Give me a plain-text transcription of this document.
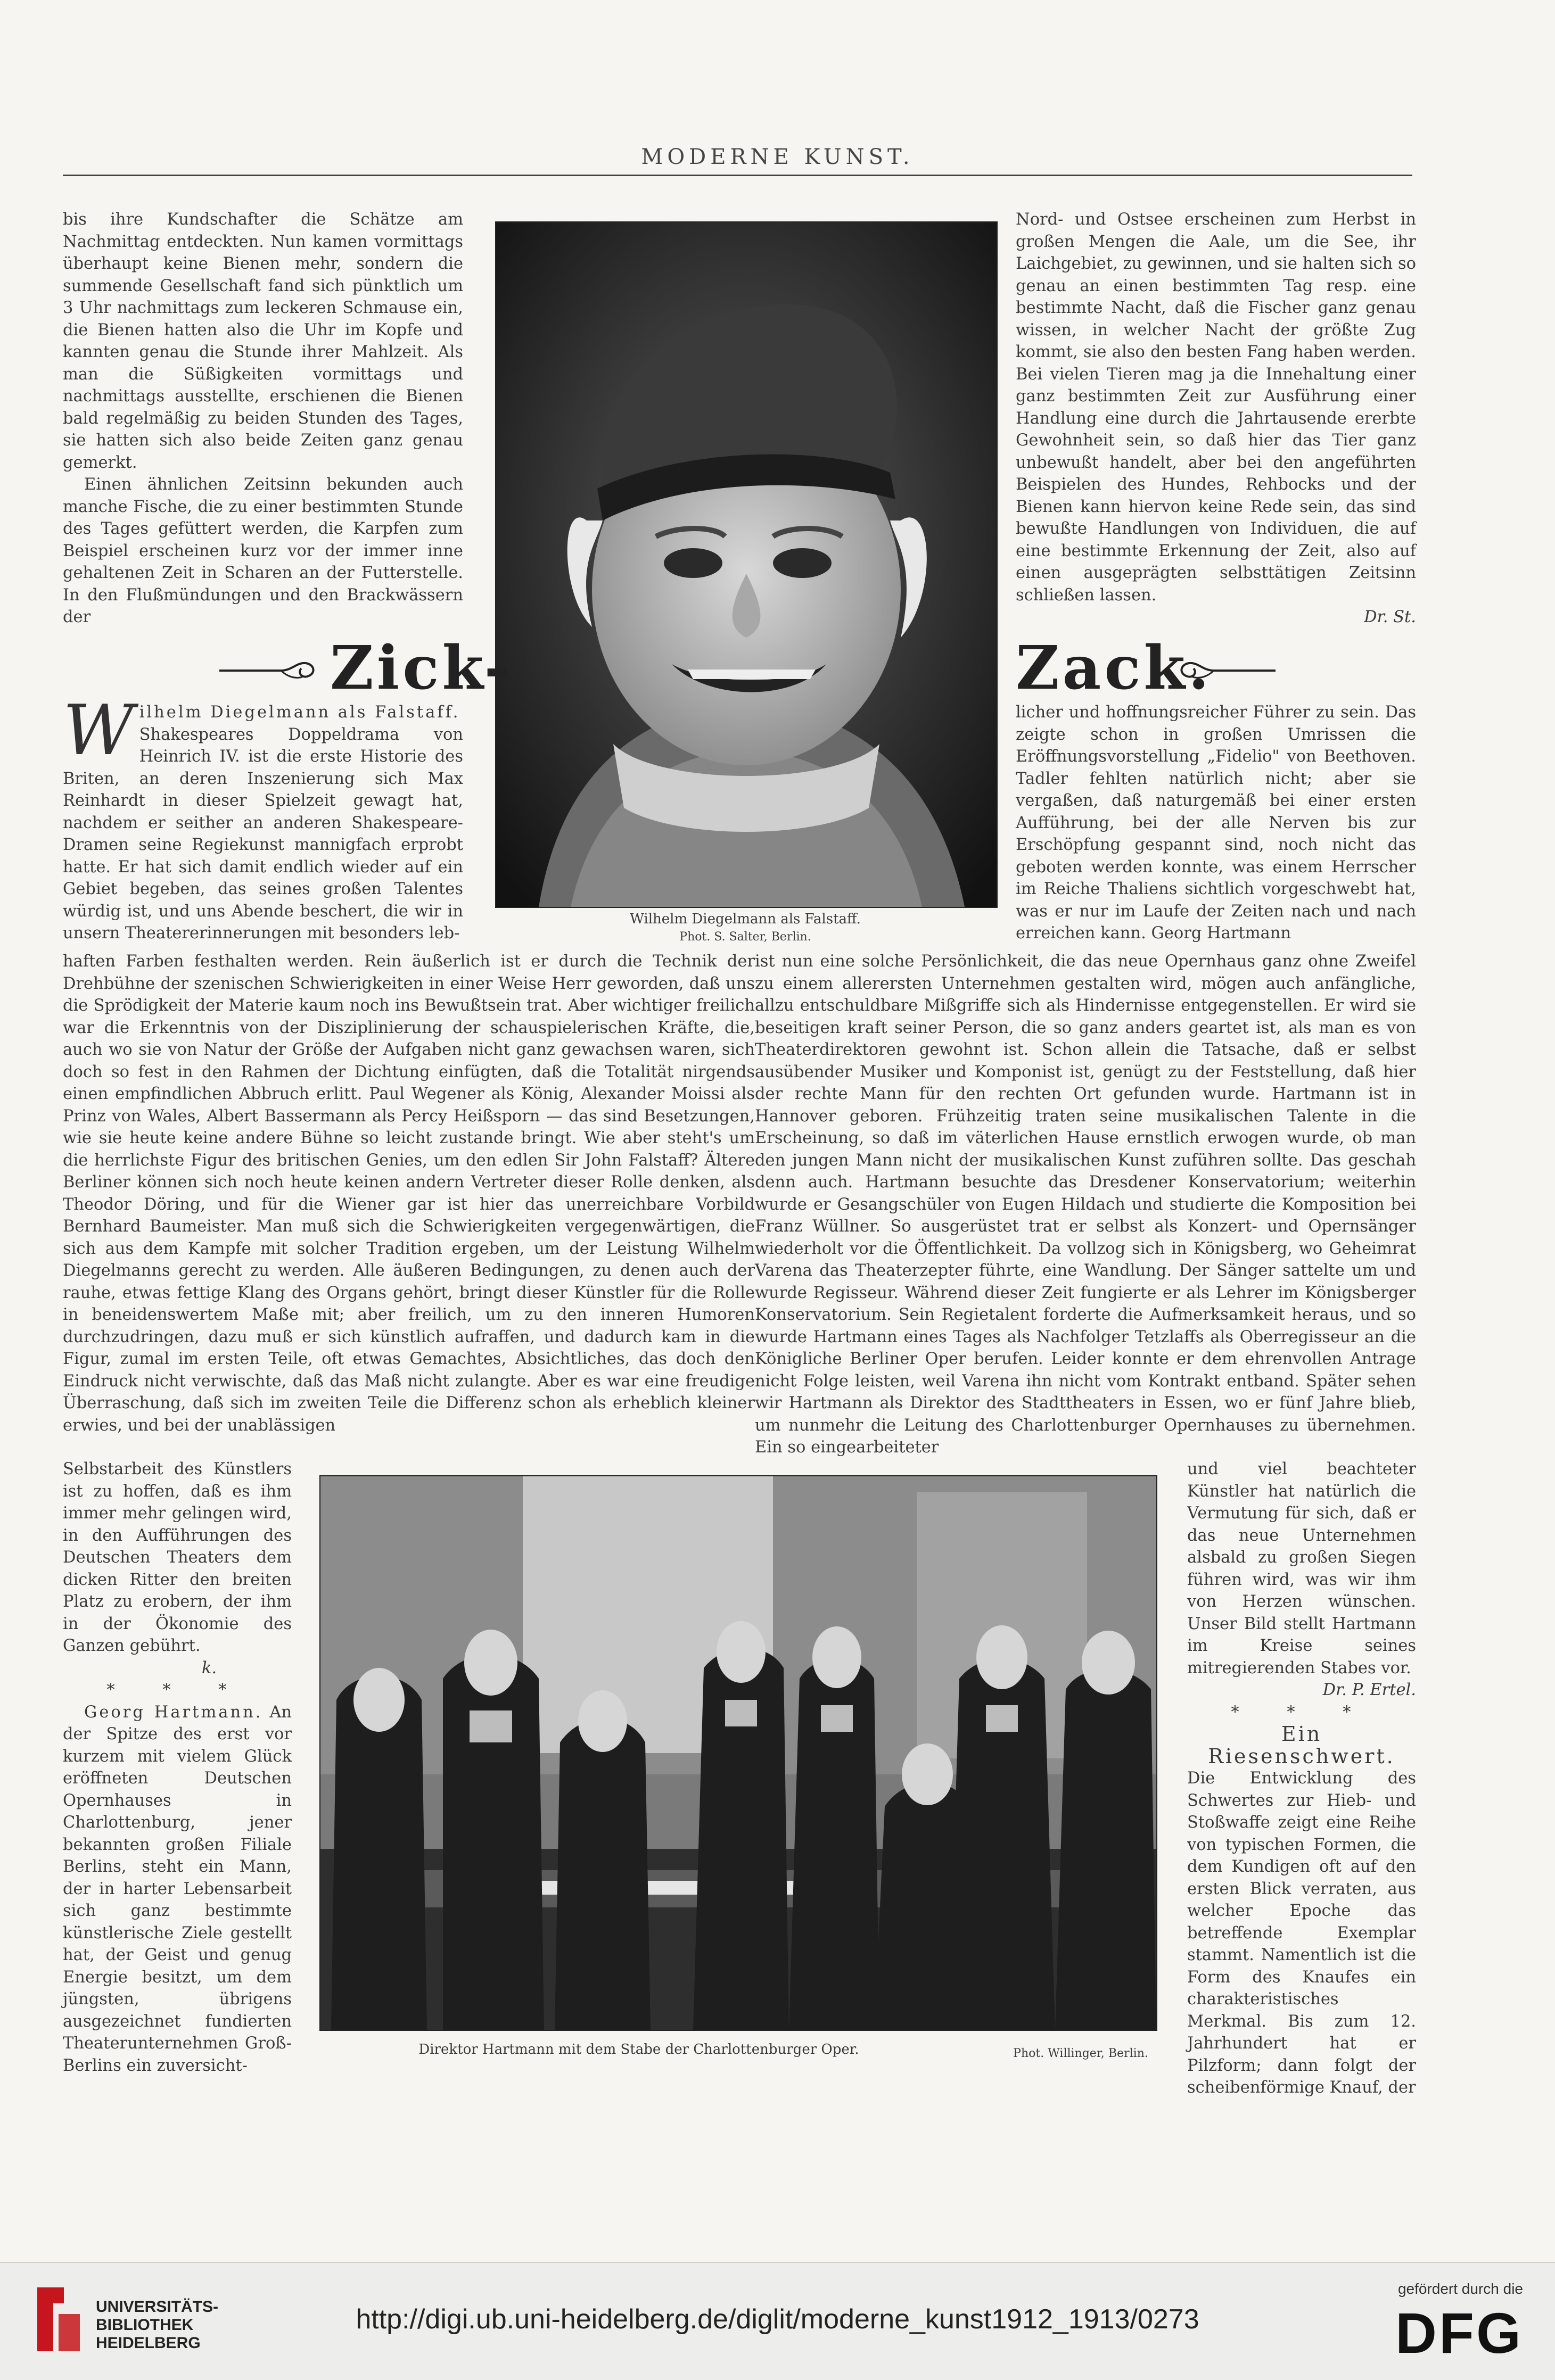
MODERNE KUNST.

bis ihre Kundschafter die Schätze am Nachmittag entdeckten. Nun kamen vormittags überhaupt keine Bienen mehr, sondern die summende Gesellschaft fand sich pünktlich um 3 Uhr nachmittags zum leckeren Schmause ein, die Bienen hatten also die Uhr im Kopfe und kannten genau die Stunde ihrer Mahlzeit. Als man die Süßigkeiten vormittags und nachmittags ausstellte, erschienen die Bienen bald regelmäßig zu beiden Stunden des Tages, sie hatten sich also beide Zeiten ganz genau gemerkt.

Einen ähnlichen Zeitsinn bekunden auch manche Fische, die zu einer bestimmten Stunde des Tages gefüttert werden, die Karpfen zum Beispiel erscheinen kurz vor der immer inne gehaltenen Zeit in Scharen an der Futterstelle. In den Flußmündungen und den Brackwässern der

Nord- und Ostsee erscheinen zum Herbst in großen Mengen die Aale, um die See, ihr Laichgebiet, zu gewinnen, und sie halten sich so genau an einen bestimmten Tag resp. eine bestimmte Nacht, daß die Fischer ganz genau wissen, in welcher Nacht der größte Zug kommt, sie also den besten Fang haben werden. Bei vielen Tieren mag ja die Innehaltung einer ganz bestimmten Zeit zur Ausführung einer Handlung eine durch die Jahrtausende ererbte Gewohnheit sein, so daß hier das Tier ganz unbewußt handelt, aber bei den angeführten Beispielen des Hundes, Rehbocks und der Bienen kann hiervon keine Rede sein, das sind bewußte Handlungen von Individuen, die auf eine bestimmte Erkennung der Zeit, also auf einen ausgeprägten selbsttätigen Zeitsinn schließen lassen.

Dr. St.

Wilhelm Diegelmann als Falstaff.
Phot. S. Salter, Berlin.
Zick-	Zack.
W ilhelm Diegelmann als Falstaff.

Shakespeares Doppeldrama von Heinrich IV. ist die erste Historie des Briten, an deren Inszenierung sich Max Reinhardt in dieser Spielzeit gewagt hat, nachdem er seither an anderen Shakespeare-Dramen seine Regiekunst mannigfach erprobt hatte. Er hat sich damit endlich wieder auf ein Gebiet begeben, das seines großen Talentes würdig ist, und uns Abende beschert, die wir in unsern Theatererinnerungen mit besonders leb-

haften Farben festhalten werden. Rein äußerlich ist er durch die Technik der Drehbühne der szenischen Schwierigkeiten in einer Weise Herr geworden, daß uns die Sprödigkeit der Materie kaum noch ins Bewußtsein trat. Aber wichtiger freilich war die Erkenntnis von der Disziplinierung der schauspielerischen Kräfte, die, auch wo sie von Natur der Größe der Aufgaben nicht ganz gewachsen waren, sich doch so fest in den Rahmen der Dichtung einfügten, daß die Totalität nirgends einen empfindlichen Abbruch erlitt. Paul Wegener als König, Alexander Moissi als Prinz von Wales, Albert Bassermann als Percy Heißsporn — das sind Besetzungen, wie sie heute keine andere Bühne so leicht zustande bringt. Wie aber steht's um die herrlichste Figur des britischen Genies, um den edlen Sir John Falstaff? Ältere Berliner können sich noch heute keinen andern Vertreter dieser Rolle denken, als Theodor Döring, und für die Wiener gar ist hier das unerreichbare Vorbild Bernhard Baumeister. Man muß sich die Schwierigkeiten vergegenwärtigen, die sich aus dem Kampfe mit solcher Tradition ergeben, um der Leistung Wilhelm Diegelmanns gerecht zu werden. Alle äußeren Bedingungen, zu denen auch der rauhe, etwas fettige Klang des Organs gehört, bringt dieser Künstler für die Rolle in beneidenswertem Maße mit; aber freilich, um zu den inneren Humoren durchzudringen, dazu muß er sich künstlich aufraffen, und dadurch kam in die Figur, zumal im ersten Teile, oft etwas Gemachtes, Absichtliches, das doch den Eindruck nicht verwischte, daß das Maß nicht zulangte. Aber es war eine freudige Überraschung, daß sich im zweiten Teile die Differenz schon als erheblich kleiner erwies, und bei der unablässigen

Selbstarbeit des Künstlers ist zu hoffen, daß es ihm immer mehr gelingen wird, in den Aufführungen des Deutschen Theaters dem dicken Ritter den breiten Platz zu erobern, der ihm in der Ökonomie des Ganzen gebührt.

k.

* * *

Georg Hartmann. An der Spitze des erst vor kurzem mit vielem Glück eröffneten Deutschen Opernhauses in Charlottenburg, jener bekannten großen Filiale Berlins, steht ein Mann, der in harter Lebensarbeit sich ganz bestimmte künstlerische Ziele gestellt hat, der Geist und genug Energie besitzt, um dem jüngsten, übrigens ausgezeichnet fundierten Theaterunternehmen Groß-Berlins ein zuversicht-

licher und hoffnungsreicher Führer zu sein. Das zeigte schon in großen Umrissen die Eröffnungsvorstellung „Fidelio" von Beethoven. Tadler fehlten natürlich nicht; aber sie vergaßen, daß naturgemäß bei einer ersten Aufführung, bei der alle Nerven bis zur Erschöpfung gespannt sind, noch nicht das geboten werden konnte, was einem Herrscher im Reiche Thaliens sichtlich vorgeschwebt hat, was er nur im Laufe der Zeiten nach und nach erreichen kann. Georg Hartmann

ist nun eine solche Persönlichkeit, die das neue Opernhaus ganz ohne Zweifel zu einem allerersten Unternehmen gestalten wird, mögen auch anfängliche, allzu entschuldbare Mißgriffe sich als Hindernisse entgegenstellen. Er wird sie beseitigen kraft seiner Person, die so ganz anders geartet ist, als man es von Theaterdirektoren gewohnt ist. Schon allein die Tatsache, daß er selbst ausübender Musiker und Komponist ist, genügt zu der Feststellung, daß hier der rechte Mann für den rechten Ort gefunden wurde. Hartmann ist in Hannover geboren. Frühzeitig traten seine musikalischen Talente in die Erscheinung, so daß im väterlichen Hause ernstlich erwogen wurde, ob man den jungen Mann nicht der musikalischen Kunst zuführen sollte. Das geschah denn auch. Hartmann besuchte das Dresdener Konservatorium; weiterhin wurde er Gesangschüler von Eugen Hildach und studierte die Komposition bei Franz Wüllner. So ausgerüstet trat er selbst als Konzert- und Opernsänger wiederholt vor die Öffentlichkeit. Da vollzog sich in Königsberg, wo Geheimrat Varena das Theaterzepter führte, eine Wandlung. Der Sänger sattelte um und wurde Regisseur. Während dieser Zeit fungierte er als Lehrer im Königsberger Konservatorium. Sein Regietalent forderte die Aufmerksamkeit heraus, und so wurde Hartmann eines Tages als Nachfolger Tetzlaffs als Oberregisseur an die Königliche Berliner Oper berufen. Leider konnte er dem ehrenvollen Antrage nicht Folge leisten, weil Varena ihn nicht vom Kontrakt entband. Später sehen wir Hartmann als Direktor des Stadttheaters in Essen, wo er fünf Jahre blieb, um nunmehr die Leitung des Charlottenburger Opernhauses zu übernehmen. Ein so eingearbeiteter

und viel beachteter Künstler hat natürlich die Vermutung für sich, daß er das neue Unternehmen alsbald zu großen Siegen führen wird, was wir ihm von Herzen wünschen. Unser Bild stellt Hartmann im Kreise seines mitregierenden Stabes vor.

Dr. P. Ertel.

* * *

Ein Riesenschwert.

Die Entwicklung des Schwertes zur Hieb- und Stoßwaffe zeigt eine Reihe von typischen Formen, die dem Kundigen oft auf den ersten Blick verraten, aus welcher Epoche das betreffende Exemplar stammt. Namentlich ist die Form des Knaufes ein charakteristisches Merkmal. Bis zum 12. Jahrhundert hat er Pilzform; dann folgt der scheibenförmige Knauf, der

Direktor Hartmann mit dem Stabe der Charlottenburger Oper.	Phot. Willinger, Berlin.
UNIVERSITÄTS-
BIBLIOTHEK
HEIDELBERG
http://digi.ub.uni-heidelberg.de/diglit/moderne_kunst1912_1913/0273
gefördert durch die
DFG
